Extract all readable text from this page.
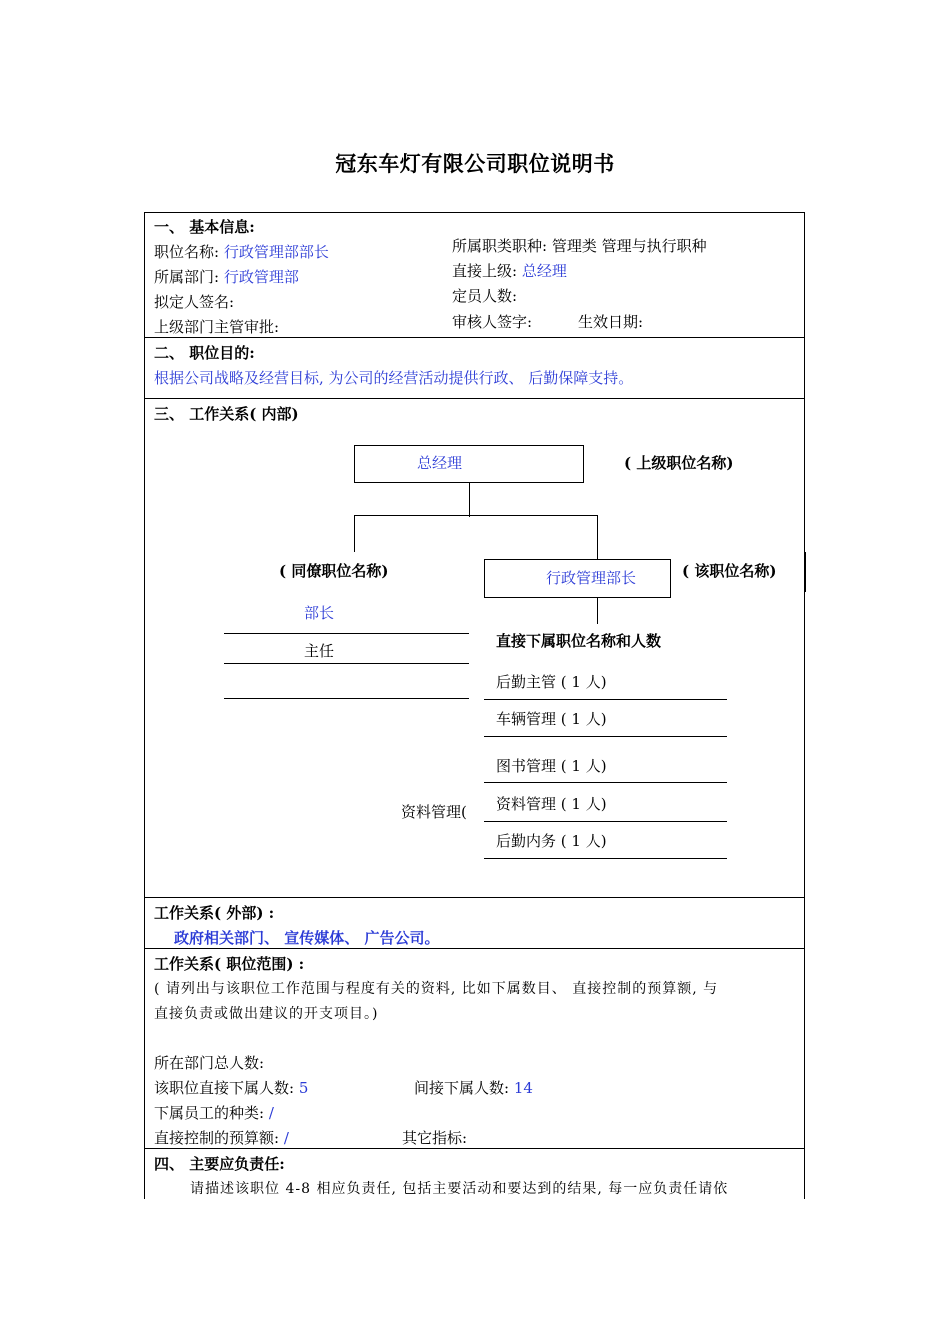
冠东车灯有限公司职位说明书
一、 基本信息:
职位名称: 行政管理部部长
所属部门: 行政管理部
拟定人签名:
上级部门主管审批:
所属职类职种: 管理类 管理与执行职种
直接上级: 总经理
定员人数:
审核人签字:	生效日期:
二、 职位目的:
根据公司战略及经营目标, 为公司的经营活动提供行政、 后勤保障支持。
三、 工作关系( 内部)
总经理	( 上级职位名称)
( 同僚职位名称)	行政管理部长	( 该职位名称)
部长
主任
直接下属职位名称和人数
后勤主管 ( 1 人)
车辆管理 ( 1 人)
图书管理 ( 1 人)
资料管理 ( 1 人)
后勤内务 ( 1 人)
资料管理(
工作关系( 外部) :
政府相关部门、 宣传媒体、 广告公司。
工作关系( 职位范围) :
( 请列出与该职位工作范围与程度有关的资料, 比如下属数目、 直接控制的预算额, 与
直接负责或做出建议的开支项目。)
所在部门总人数:
该职位直接下属人数: 5	间接下属人数: 14
下属员工的种类: /
直接控制的预算额: /	其它指标:
四、 主要应负责任:
请描述该职位 4-8 相应负责任, 包括主要活动和要达到的结果, 每一应负责任请依
